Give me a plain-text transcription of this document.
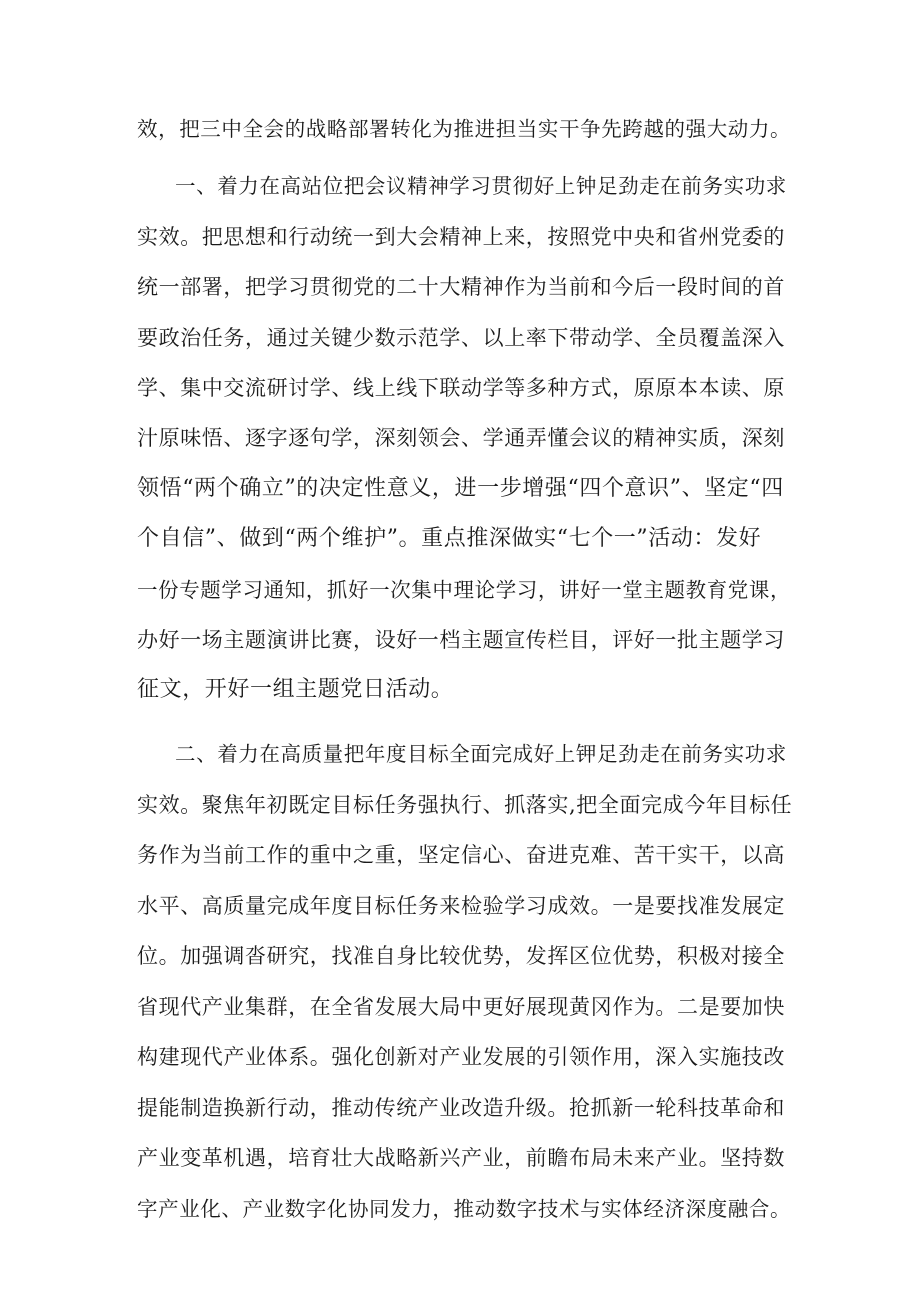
效，把三中全会的战略部署转化为推进担当实干争先跨越的强大动力。
一、着力在高站位把会议精神学习贯彻好上钟足劲走在前务实功求
实效。把思想和行动统一到大会精神上来，按照党中央和省州党委的
统一部署，把学习贯彻党的二十大精神作为当前和今后一段时间的首
要政治任务，通过关键少数示范学、以上率下带动学、全员覆盖深入
学、集中交流研讨学、线上线下联动学等多种方式，原原本本读、原
汁原味悟、逐字逐句学，深刻领会、学通弄懂会议的精神实质，深刻
领悟“两个确立”的决定性意义，进一步增强“四个意识”、坚定“四
个自信”、做到“两个维护”。重点推深做实“七个一”活动：发好
一份专题学习通知，抓好一次集中理论学习，讲好一堂主题教育党课，
办好一场主题演讲比赛，设好一档主题宣传栏目，评好一批主题学习
征文，开好一组主题党日活动。
二、着力在高质量把年度目标全面完成好上钾足劲走在前务实功求
实效。聚焦年初既定目标任务强执行、抓落实,把全面完成今年目标任
务作为当前工作的重中之重，坚定信心、奋进克难、苦干实干，以高
水平、高质量完成年度目标任务来检验学习成效。一是要找准发展定
位。加强调沓研究，找准自身比较优势，发挥区位优势，积极对接全
省现代产业集群，在全省发展大局中更好展现黄冈作为。二是要加快
构建现代产业体系。强化创新对产业发展的引领作用，深入实施技改
提能制造换新行动，推动传统产业改造升级。抢抓新一轮科技革命和
产业变革机遇，培育壮大战略新兴产业，前瞻布局未来产业。坚持数
字产业化、产业数字化协同发力，推动数字技术与实体经济深度融合。
